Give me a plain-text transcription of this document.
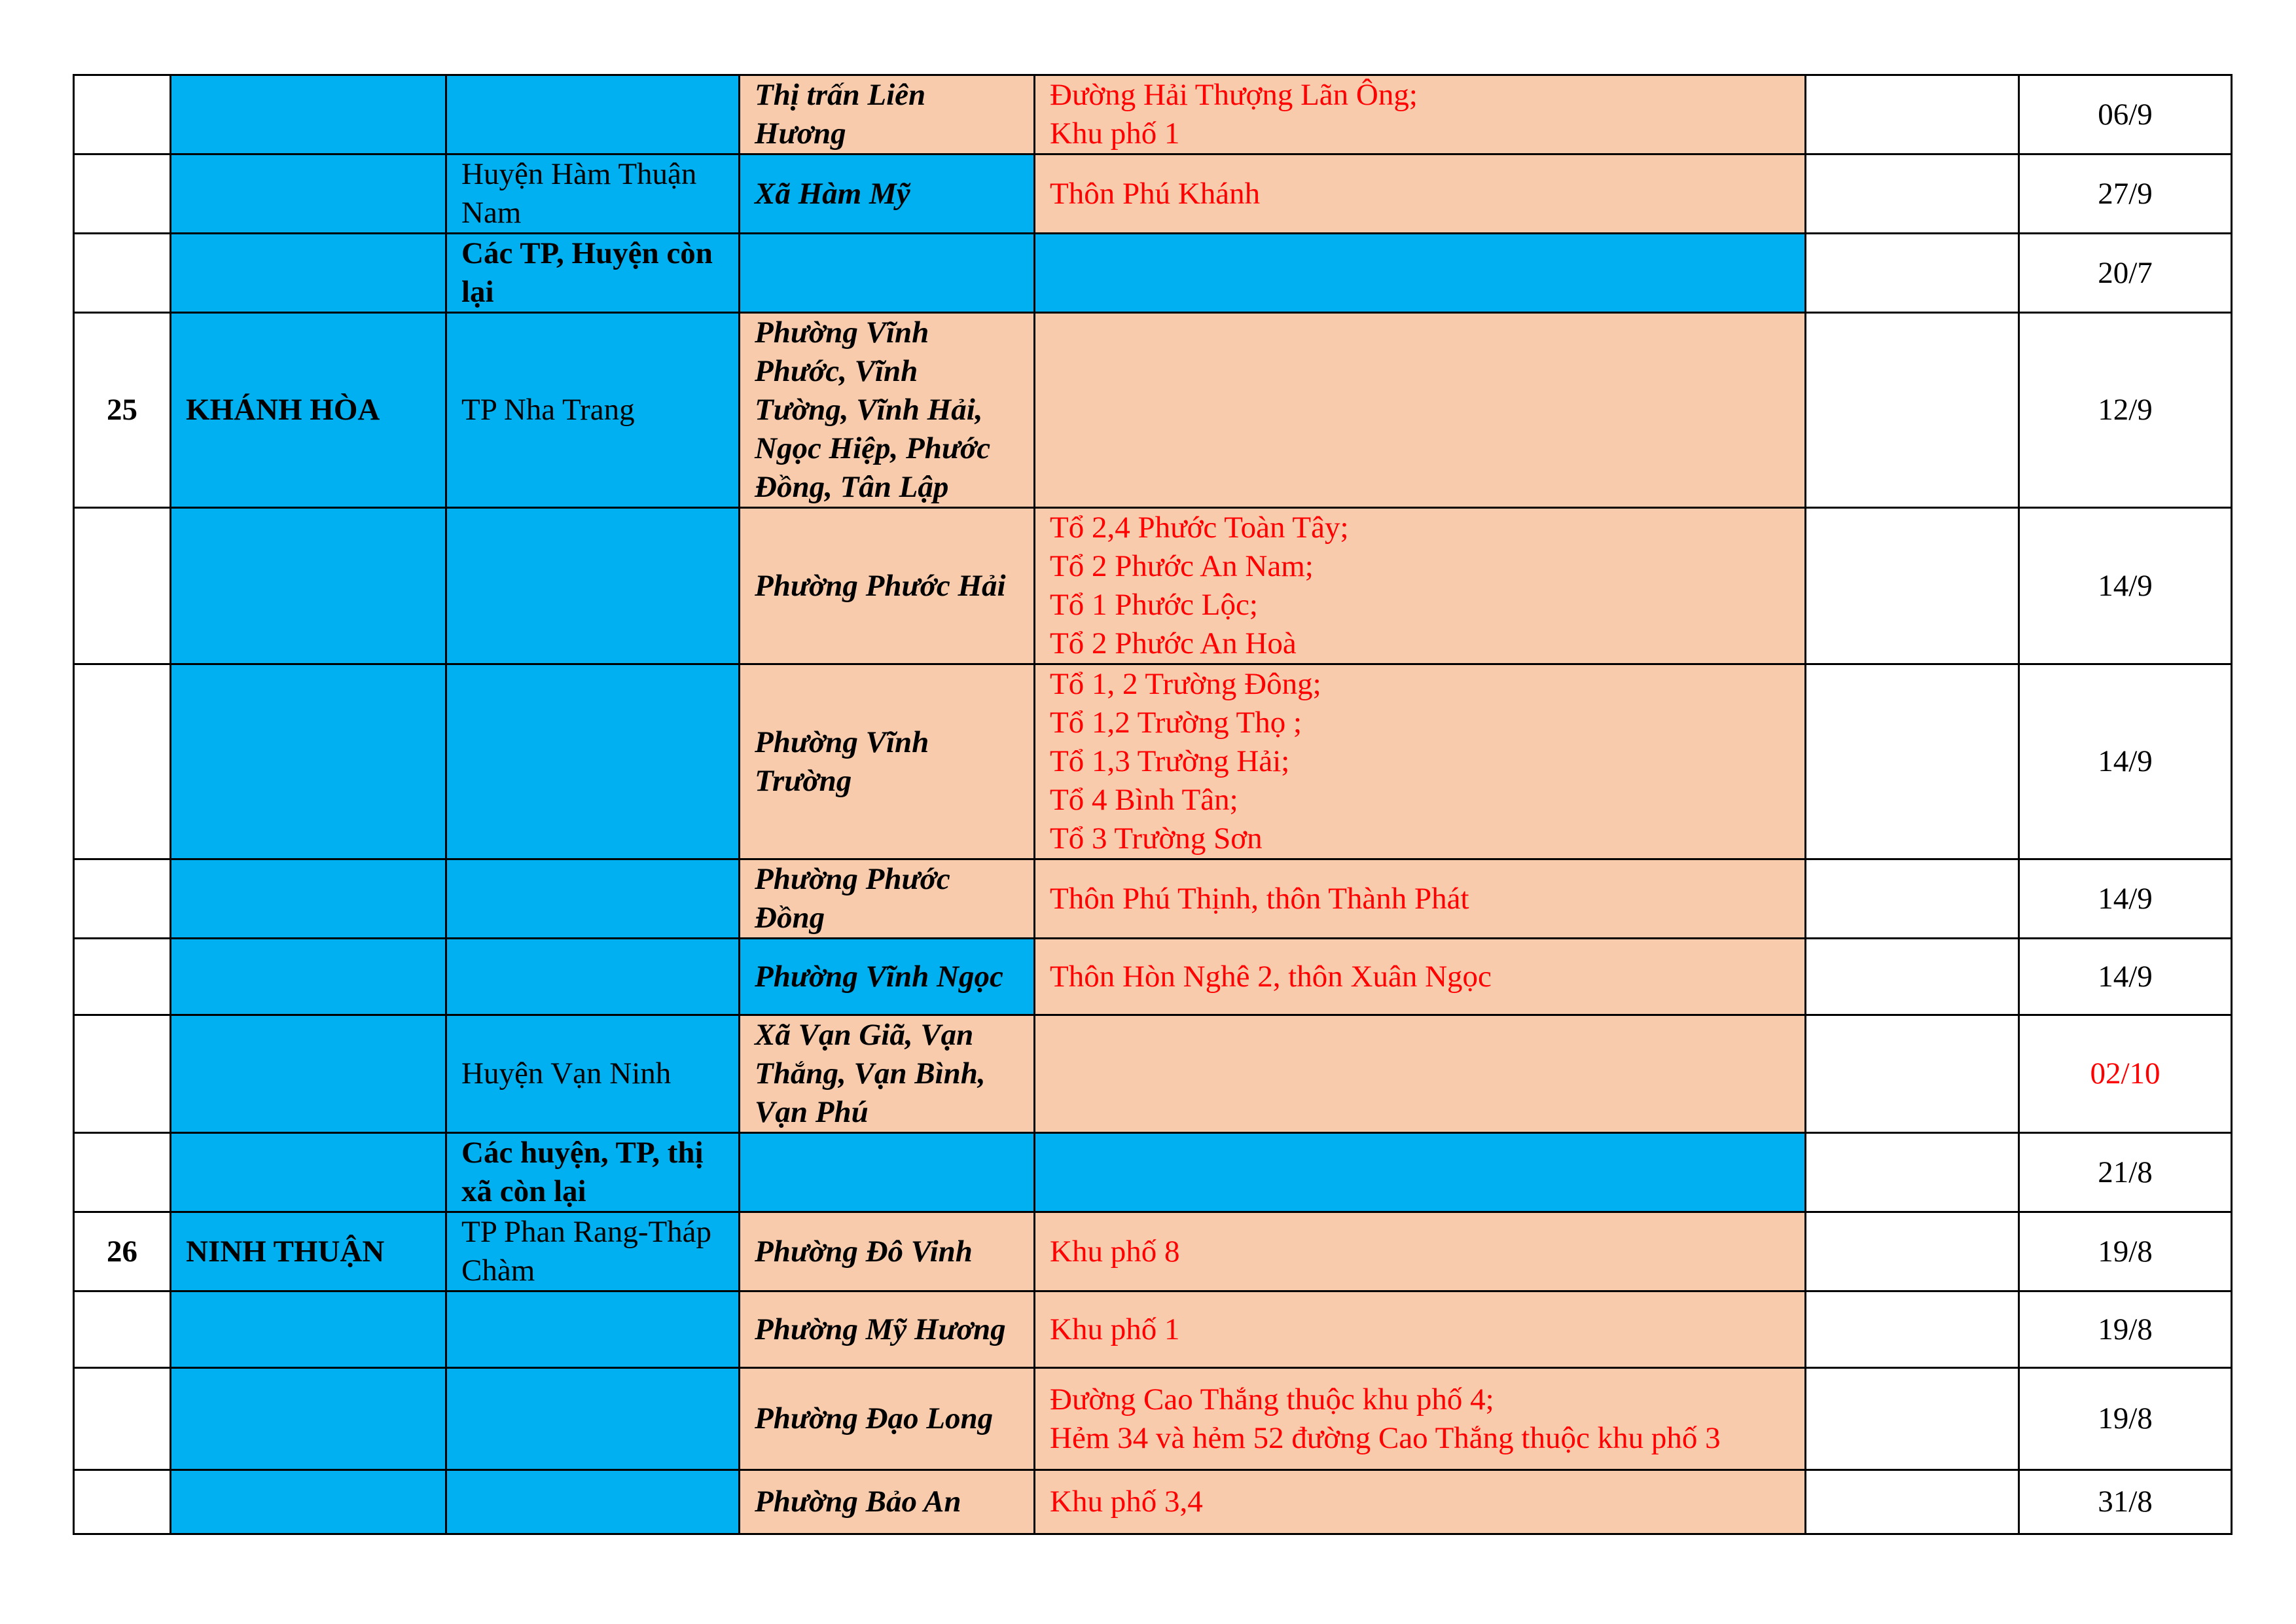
			Thị trấn Liên Hương	Đường Hải Thượng Lãn Ông;
Khu phố 1		06/9
		Huyện Hàm Thuận Nam	Xã Hàm Mỹ	Thôn Phú Khánh		27/9
		Các TP, Huyện còn lại				20/7
25	KHÁNH HÒA	TP Nha Trang	Phường Vĩnh Phước, Vĩnh Tường, Vĩnh Hải, Ngọc Hiệp, Phước Đồng, Tân Lập			12/9
			Phường Phước Hải	Tổ 2,4 Phước Toàn Tây;
Tổ 2 Phước An Nam;
Tổ 1 Phước Lộc;
Tổ 2 Phước An Hoà		14/9
			Phường Vĩnh Trường	Tổ 1, 2 Trường Đông;
Tổ 1,2 Trường Thọ ;
Tổ 1,3 Trường Hải;
Tổ 4 Bình Tân;
Tổ 3 Trường Sơn		14/9
			Phường Phước Đồng	Thôn Phú Thịnh, thôn Thành Phát		14/9
			Phường Vĩnh Ngọc	Thôn Hòn Nghê 2, thôn Xuân Ngọc		14/9
		Huyện Vạn Ninh	Xã Vạn Giã, Vạn Thắng, Vạn Bình, Vạn Phú			02/10
		Các huyện, TP, thị xã còn lại				21/8
26	NINH THUẬN	TP Phan Rang-Tháp Chàm	Phường Đô Vinh	Khu phố 8		19/8
			Phường Mỹ Hương	Khu phố 1		19/8
			Phường Đạo Long	Đường Cao Thắng thuộc khu phố 4;
Hẻm 34 và hẻm 52 đường Cao Thắng thuộc khu phố 3		19/8
			Phường Bảo An	Khu phố 3,4		31/8
